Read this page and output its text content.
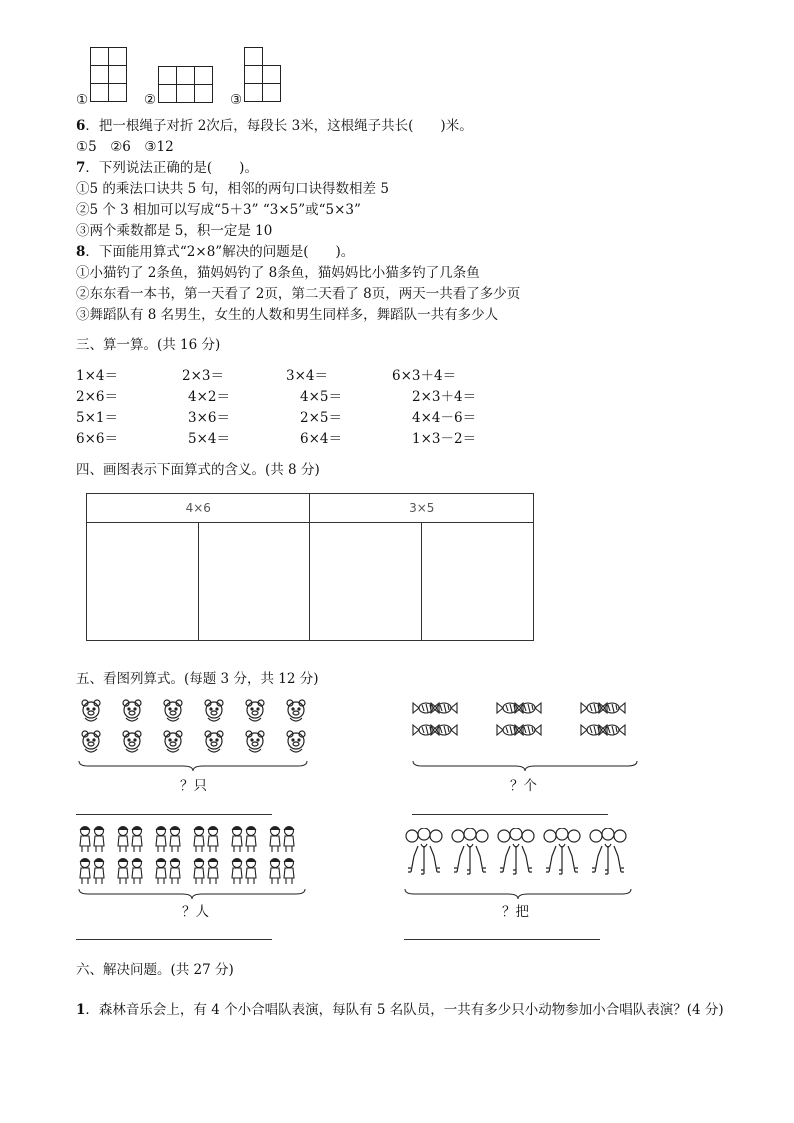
①	②	③
6．把一根绳子对折 2次后，每段长 3米，这根绳子共长(　　)米。
①5　②6　③12
7．下列说法正确的是(　　)。
①5 的乘法口诀共 5 句，相邻的两句口诀得数相差 5
②5 个 3 相加可以写成“5＋3” “3×5”或“5×3”
③两个乘数都是 5，积一定是 10
8．下面能用算式“2×8”解决的问题是(　　)。
①小猫钓了 2条鱼，猫妈妈钓了 8条鱼，猫妈妈比小猫多钓了几条鱼
②东东看一本书，第一天看了 2页，第二天看了 8页，两天一共看了多少页
③舞蹈队有 8 名男生，女生的人数和男生同样多，舞蹈队一共有多少人
三、算一算。(共 16 分)
1×4＝	2×3＝	3×4＝	6×3＋4＝
2×6＝	4×2＝	4×5＝	2×3＋4＝
5×1＝	3×6＝	2×5＝	4×4－6＝
6×6＝	5×4＝	6×4＝	1×3－2＝
四、画图表示下面算式的含义。(共 8 分)
4×6		3×5	

五、看图列算式。(每题 3 分，共 12 分)
？只	？个
？人	？把
六、解决问题。(共 27 分)
1．森林音乐会上，有 4 个小合唱队表演，每队有 5 名队员，一共有多少只小动物参加小合唱队表演？(4 分)
